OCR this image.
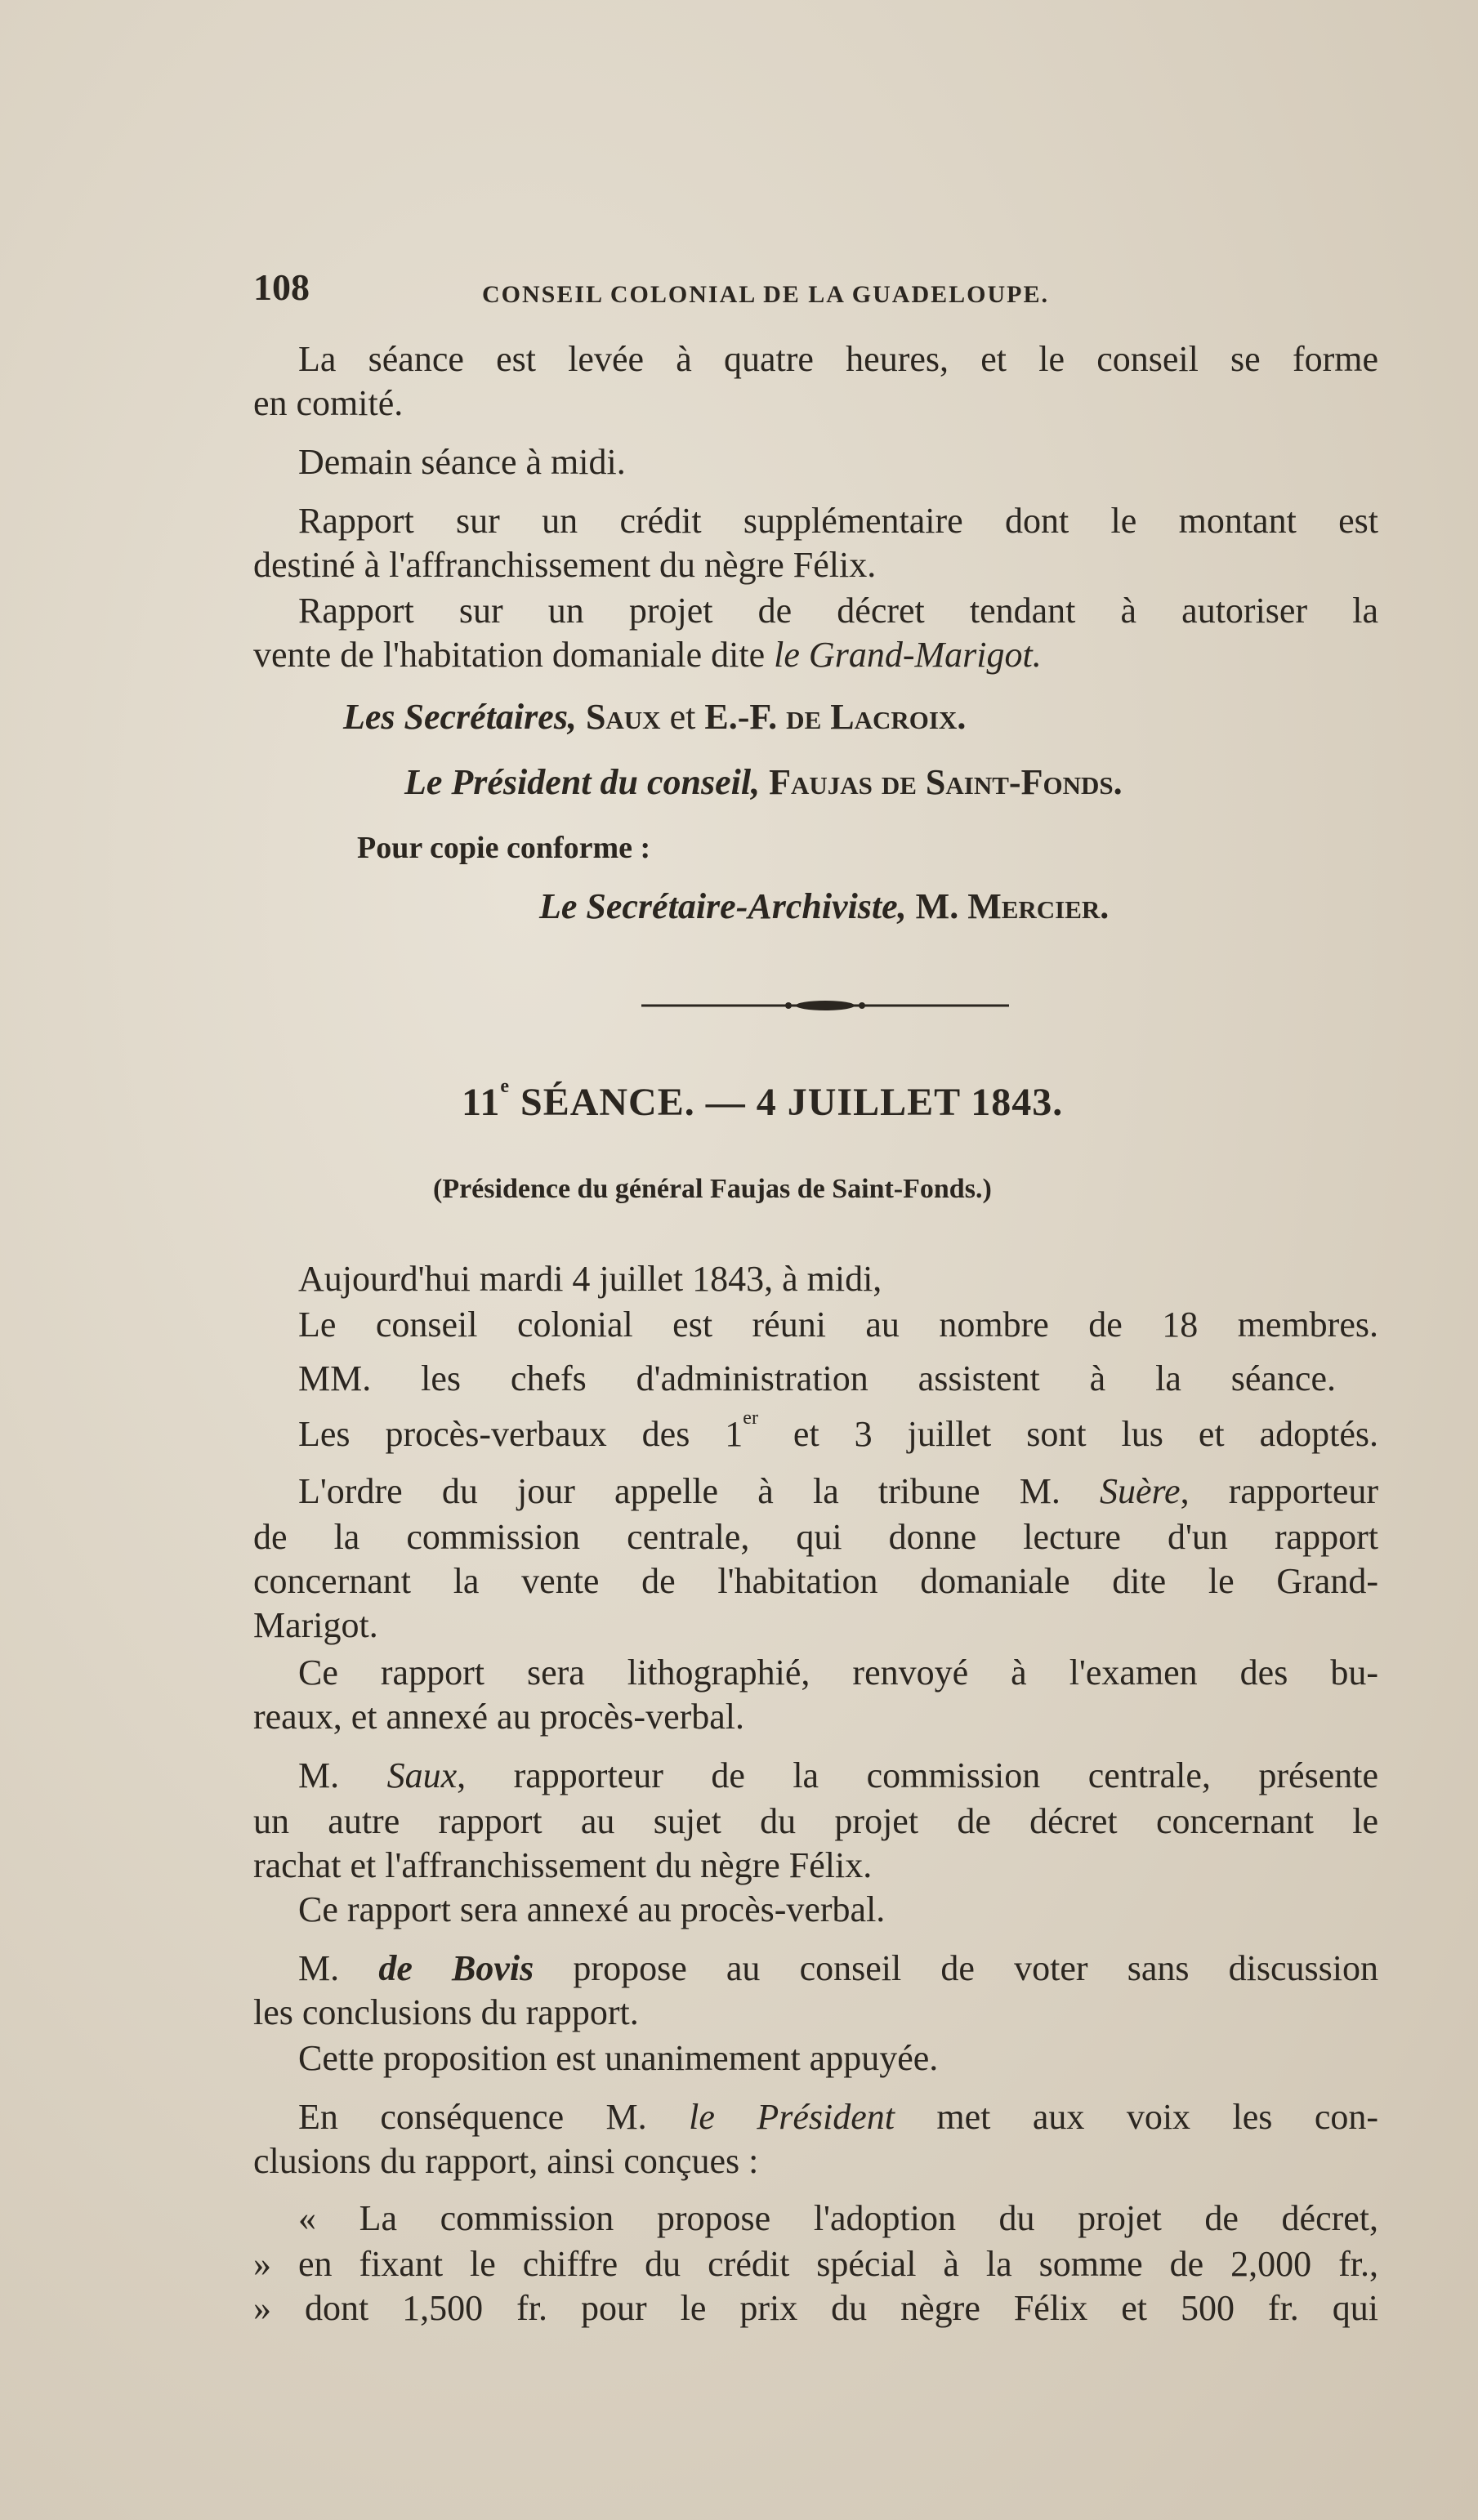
108	CONSEIL COLONIAL DE LA GUADELOUPE.
La séance est levée à quatre heures, et le conseil se forme
en comité.
Demain séance à midi.
Rapport sur un crédit supplémentaire dont le montant est
destiné à l'affranchissement du nègre Félix.
Rapport sur un projet de décret tendant à autoriser la
vente de l'habitation domaniale dite le Grand-Marigot.
Les Secrétaires, Saux et E.-F. de Lacroix.
Le Président du conseil, Faujas de Saint-Fonds.
Pour copie conforme :
Le Secrétaire-Archiviste, M. Mercier.
11e SÉANCE. — 4 JUILLET 1843.
(Présidence du général Faujas de Saint-Fonds.)
Aujourd'hui mardi 4 juillet 1843, à midi,
Le conseil colonial est réuni au nombre de 18 membres.
MM. les chefs d'administration assistent à la séance.
Les procès-verbaux des 1er et 3 juillet sont lus et adoptés.
L'ordre du jour appelle à la tribune M. Suère, rapporteur
de la commission centrale, qui donne lecture d'un rapport
concernant la vente de l'habitation domaniale dite le Grand-
Marigot.
Ce rapport sera lithographié, renvoyé à l'examen des bu-
reaux, et annexé au procès-verbal.
M. Saux, rapporteur de la commission centrale, présente
un autre rapport au sujet du projet de décret concernant le
rachat et l'affranchissement du nègre Félix.
Ce rapport sera annexé au procès-verbal.
M. de Bovis propose au conseil de voter sans discussion
les conclusions du rapport.
Cette proposition est unanimement appuyée.
En conséquence M. le Président met aux voix les con-
clusions du rapport, ainsi conçues :
« La commission propose l'adoption du projet de décret,
» en fixant le chiffre du crédit spécial à la somme de 2,000 fr.,
» dont 1,500 fr. pour le prix du nègre Félix et 500 fr. qui
